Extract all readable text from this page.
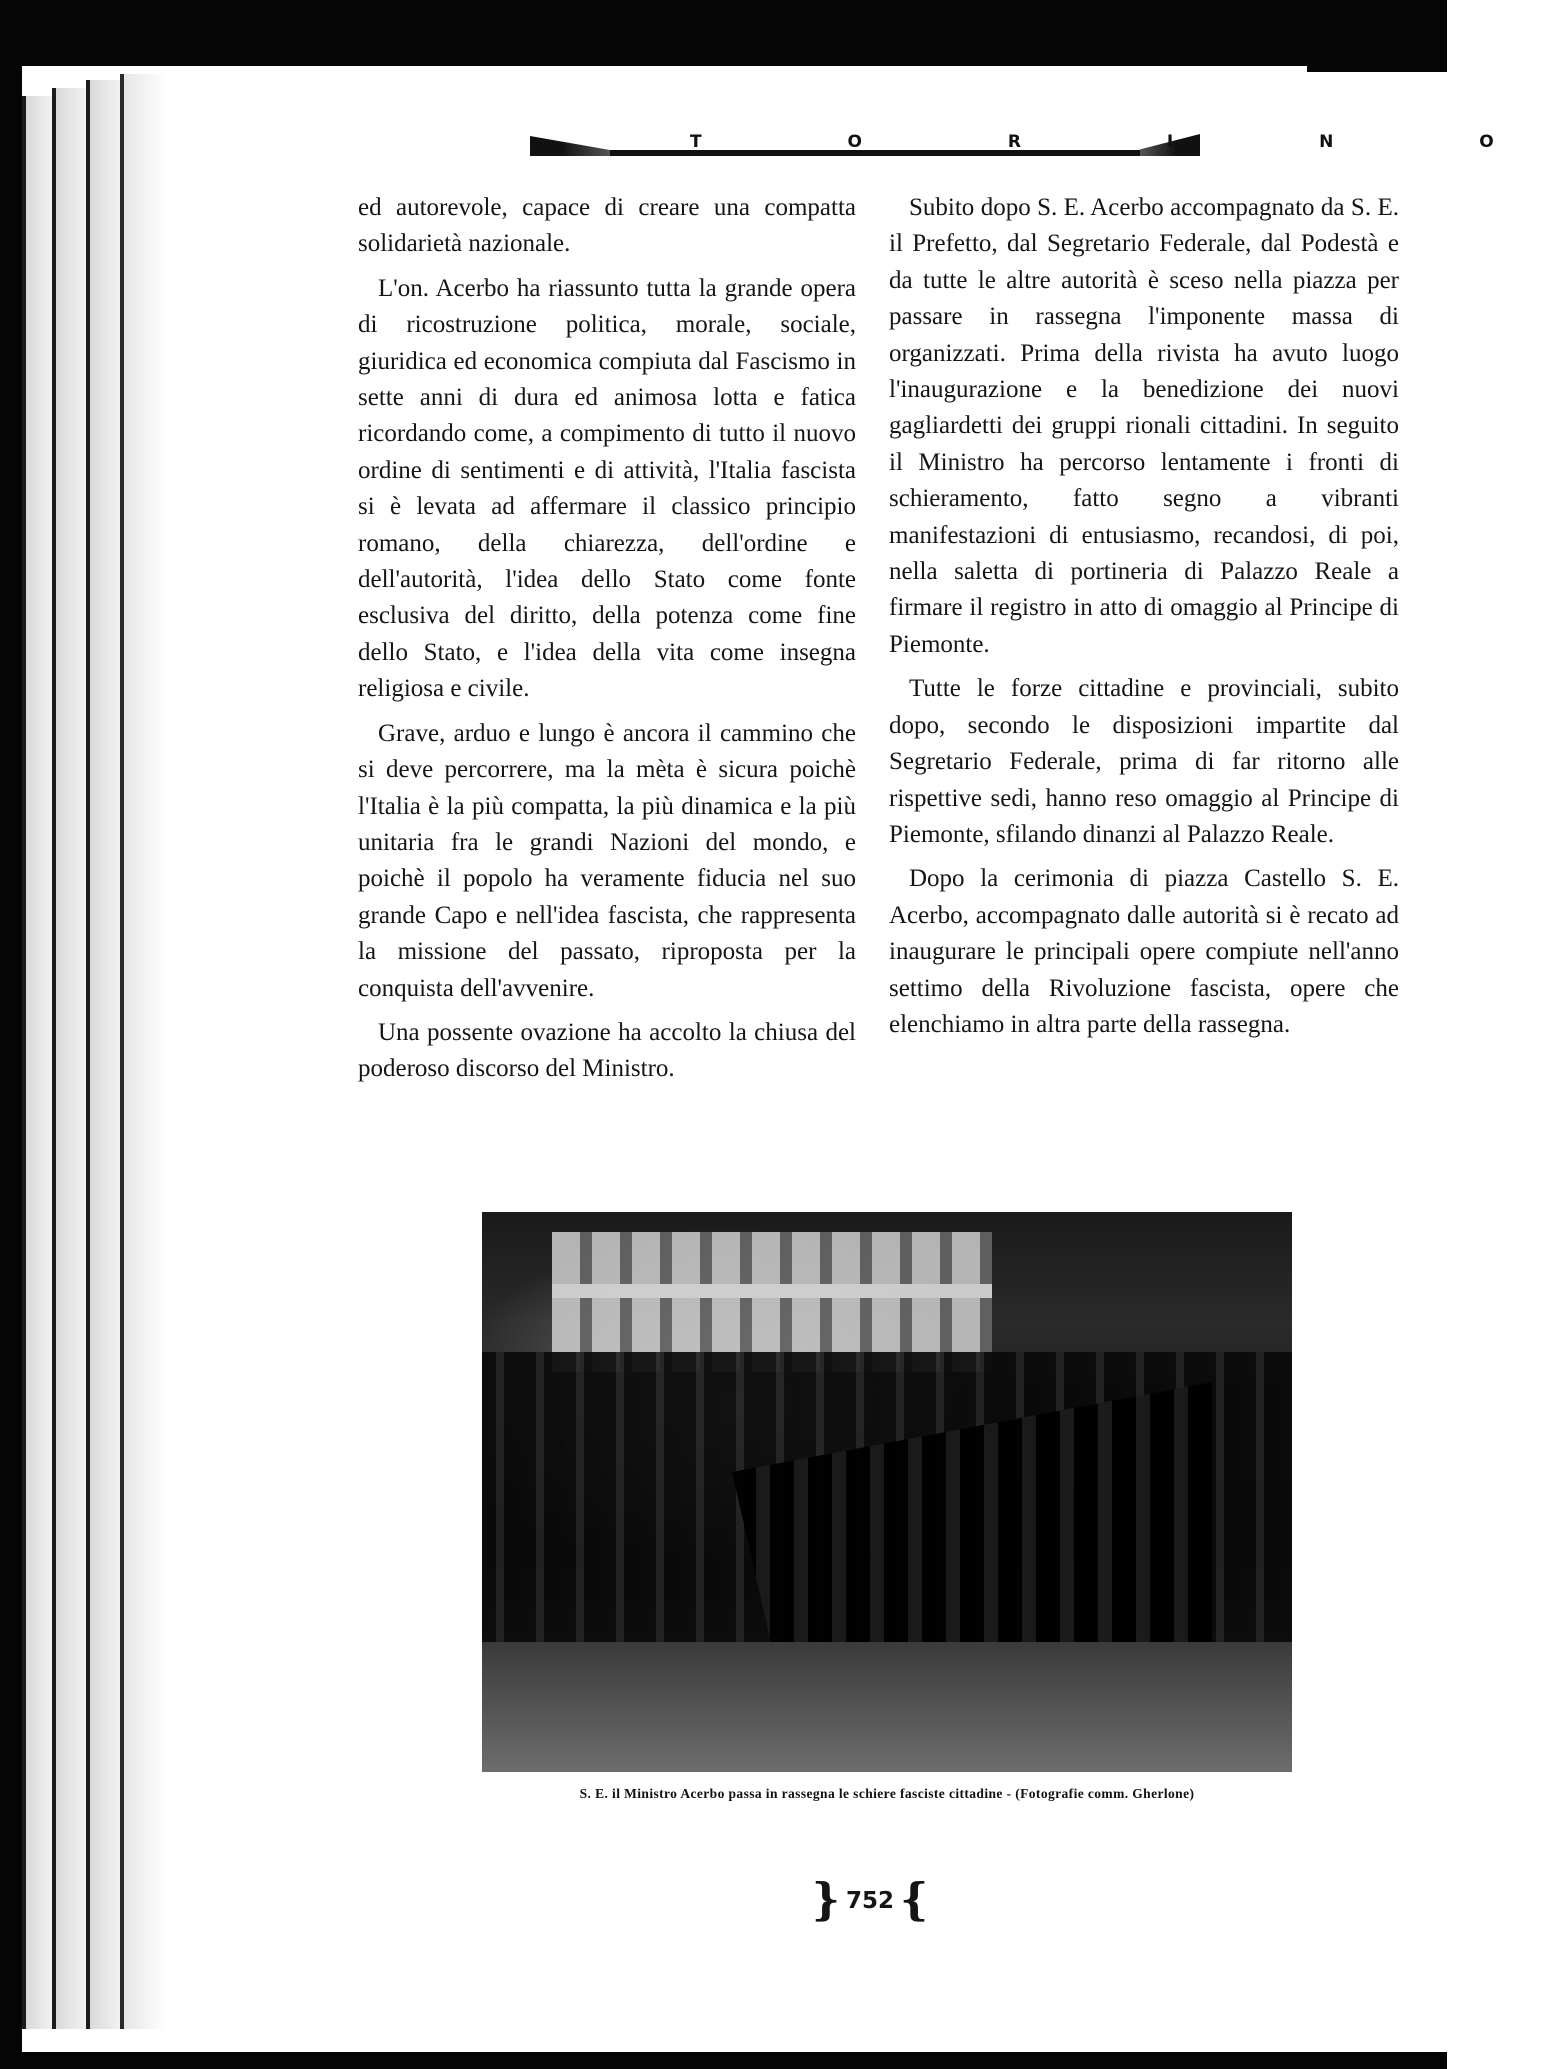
T O R I N O

ed autorevole, capace di creare una compatta solidarietà nazionale.

L'on. Acerbo ha riassunto tutta la grande opera di ricostruzione politica, morale, sociale, giuridica ed economica compiuta dal Fascismo in sette anni di dura ed animosa lotta e fatica ricordando come, a compimento di tutto il nuovo ordine di sentimenti e di attività, l'Italia fascista si è levata ad affermare il classico principio romano, della chiarezza, dell'ordine e dell'autorità, l'idea dello Stato come fonte esclusiva del diritto, della potenza come fine dello Stato, e l'idea della vita come insegna religiosa e civile.

Grave, arduo e lungo è ancora il cammino che si deve percorrere, ma la mèta è sicura poichè l'Italia è la più compatta, la più dinamica e la più unitaria fra le grandi Nazioni del mondo, e poichè il popolo ha veramente fiducia nel suo grande Capo e nell'idea fascista, che rappresenta la missione del passato, riproposta per la conquista dell'avvenire.

Una possente ovazione ha accolto la chiusa del poderoso discorso del Ministro.

Subito dopo S. E. Acerbo accompagnato da S. E. il Prefetto, dal Segretario Federale, dal Podestà e da tutte le altre autorità è sceso nella piazza per passare in rassegna l'imponente massa di organizzati. Prima della rivista ha avuto luogo l'inaugurazione e la benedizione dei nuovi gagliardetti dei gruppi rionali cittadini. In seguito il Ministro ha percorso lentamente i fronti di schieramento, fatto segno a vibranti manifestazioni di entusiasmo, recandosi, di poi, nella saletta di portineria di Palazzo Reale a firmare il registro in atto di omaggio al Principe di Piemonte.

Tutte le forze cittadine e provinciali, subito dopo, secondo le disposizioni impartite dal Segretario Federale, prima di far ritorno alle rispettive sedi, hanno reso omaggio al Principe di Piemonte, sfilando dinanzi al Palazzo Reale.

Dopo la cerimonia di piazza Castello S. E. Acerbo, accompagnato dalle autorità si è recato ad inaugurare le principali opere compiute nell'anno settimo della Rivoluzione fascista, opere che elenchiamo in altra parte della rassegna.

S. E. il Ministro Acerbo passa in rassegna le schiere fasciste cittadine - (Fotografie comm. Gherlone)
} 752 {
